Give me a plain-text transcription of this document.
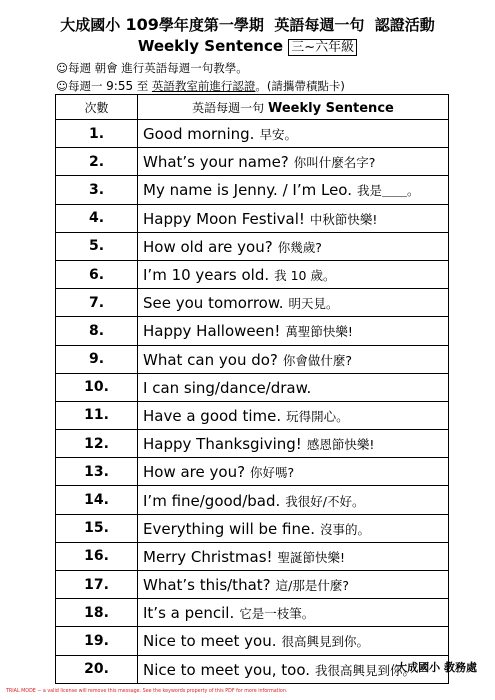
大成國小 109學年度第一學期 英語每週一句 認證活動
Weekly Sentence 三~六年級
☺每週 朝會 進行英語每週一句教學。
☺每週一 9:55 至 英語教室前進行認證。(請攜帶積點卡)
次數	英語每週一句 Weekly Sentence
1.	Good morning. 早安。
2.	What’s your name? 你叫什麼名字?
3.	My name is Jenny. / I’m Leo. 我是＿＿。
4.	Happy Moon Festival! 中秋節快樂!
5.	How old are you? 你幾歲?
6.	I’m 10 years old. 我 10 歲。
7.	See you tomorrow. 明天見。
8.	Happy Halloween! 萬聖節快樂!
9.	What can you do? 你會做什麼?
10.	I can sing/dance/draw.
11.	Have a good time. 玩得開心。
12.	Happy Thanksgiving! 感恩節快樂!
13.	How are you? 你好嗎?
14.	I’m fine/good/bad. 我很好/不好。
15.	Everything will be fine. 沒事的。
16.	Merry Christmas! 聖誕節快樂!
17.	What’s this/that? 這/那是什麼?
18.	It’s a pencil. 它是一枝筆。
19.	Nice to meet you. 很高興見到你。
20.	Nice to meet you, too. 我很高興見到你。
大成國小 教務處
TRIAL MODE − a valid license will remove this message. See the keywords property of this PDF for more information.
